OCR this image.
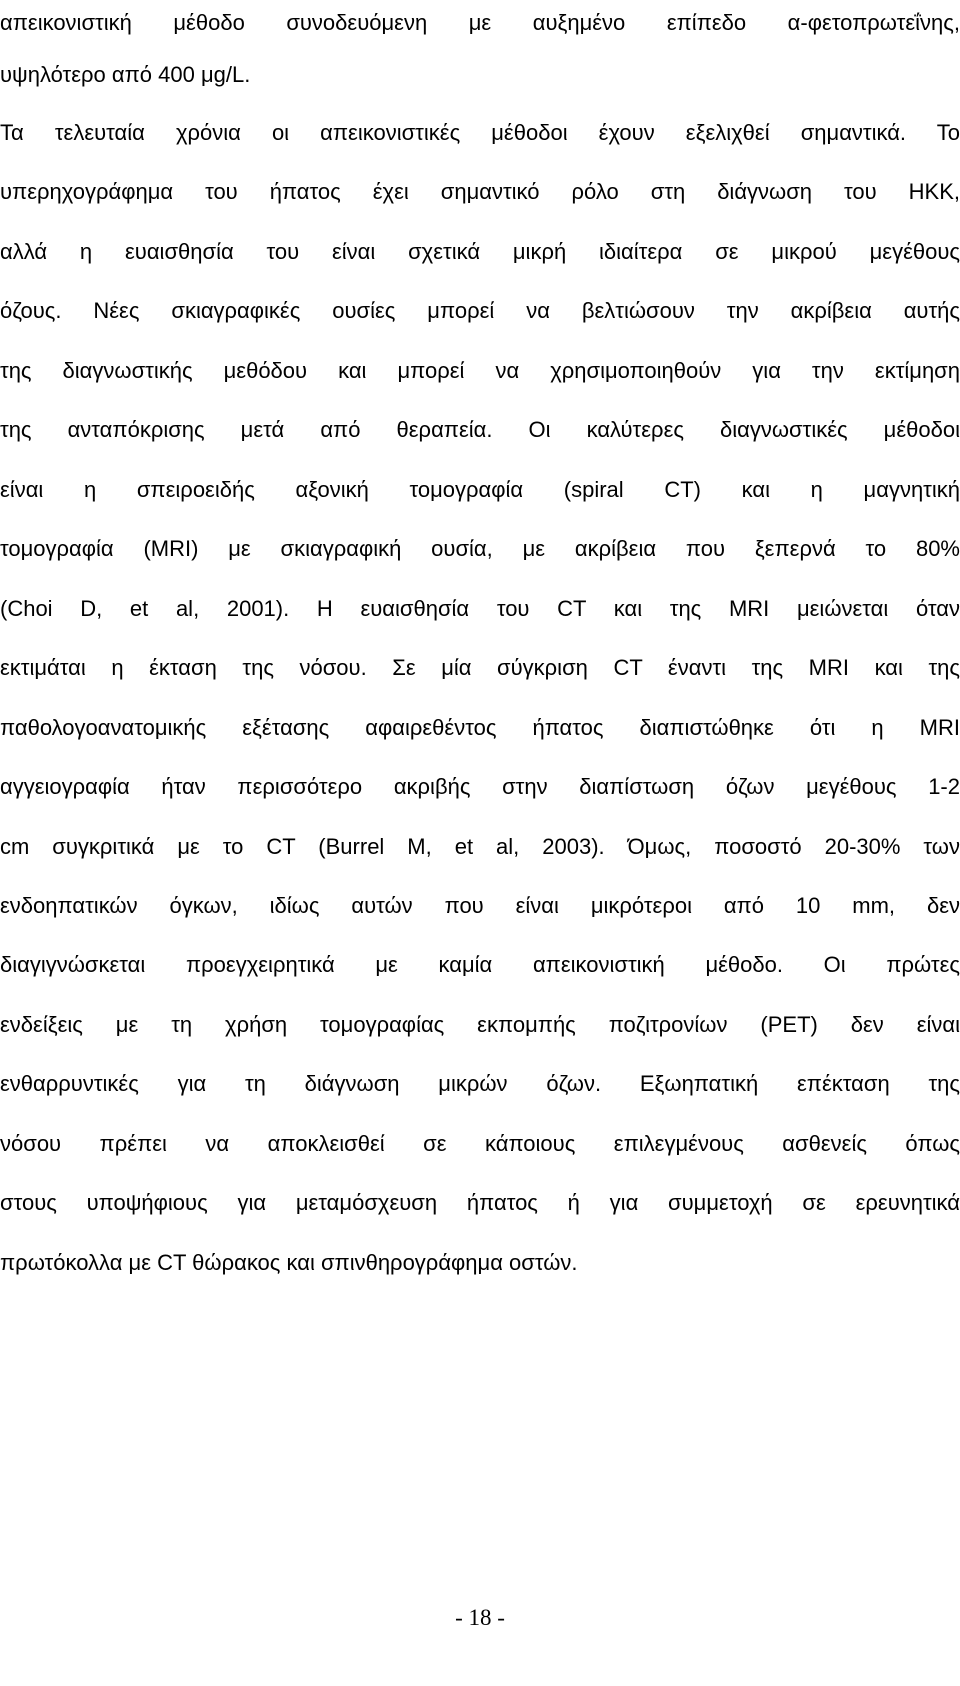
απεικονιστική μέθοδο συνοδευόμενη με αυξημένο επίπεδο α-φετοπρωτεΐνης,
υψηλότερο από 400 μg/L.
Τα τελευταία χρόνια οι απεικονιστικές μέθοδοι έχουν εξελιχθεί σημαντικά. Το
υπερηχογράφημα του ήπατος έχει σημαντικό ρόλο στη διάγνωση του ΗΚΚ,
αλλά η ευαισθησία του είναι σχετικά μικρή ιδιαίτερα σε μικρού μεγέθους
όζους. Νέες σκιαγραφικές ουσίες μπορεί να βελτιώσουν την ακρίβεια αυτής
της διαγνωστικής μεθόδου και μπορεί να χρησιμοποιηθούν για την εκτίμηση
της ανταπόκρισης μετά από θεραπεία. Οι καλύτερες διαγνωστικές μέθοδοι
είναι η σπειροειδής αξονική τομογραφία (spiral CT) και η μαγνητική
τομογραφία (MRI) με σκιαγραφική ουσία, με ακρίβεια που ξεπερνά το 80%
(Choi D, et al, 2001). Η ευαισθησία του CT και της MRI μειώνεται όταν
εκτιμάται η έκταση της νόσου. Σε μία σύγκριση CT έναντι της MRI και της
παθολογοανατομικής εξέτασης αφαιρεθέντος ήπατος διαπιστώθηκε ότι η MRI
αγγειογραφία ήταν περισσότερο ακριβής στην διαπίστωση όζων μεγέθους 1-2
cm συγκριτικά με το CT (Burrel M, et al, 2003). Όμως, ποσοστό 20-30% των
ενδοηπατικών όγκων, ιδίως αυτών που είναι μικρότεροι από 10 mm, δεν
διαγιγνώσκεται προεγχειρητικά με καμία απεικονιστική μέθοδο. Οι πρώτες
ενδείξεις με τη χρήση τομογραφίας εκπομπής ποζιτρονίων (PET) δεν είναι
ενθαρρυντικές για τη διάγνωση μικρών όζων. Εξωηπατική επέκταση της
νόσου πρέπει να αποκλεισθεί σε κάποιους επιλεγμένους ασθενείς όπως
στους υποψήφιους για μεταμόσχευση ήπατος ή για συμμετοχή σε ερευνητικά
πρωτόκολλα με CT θώρακος και σπινθηρογράφημα οστών.
- 18 -
